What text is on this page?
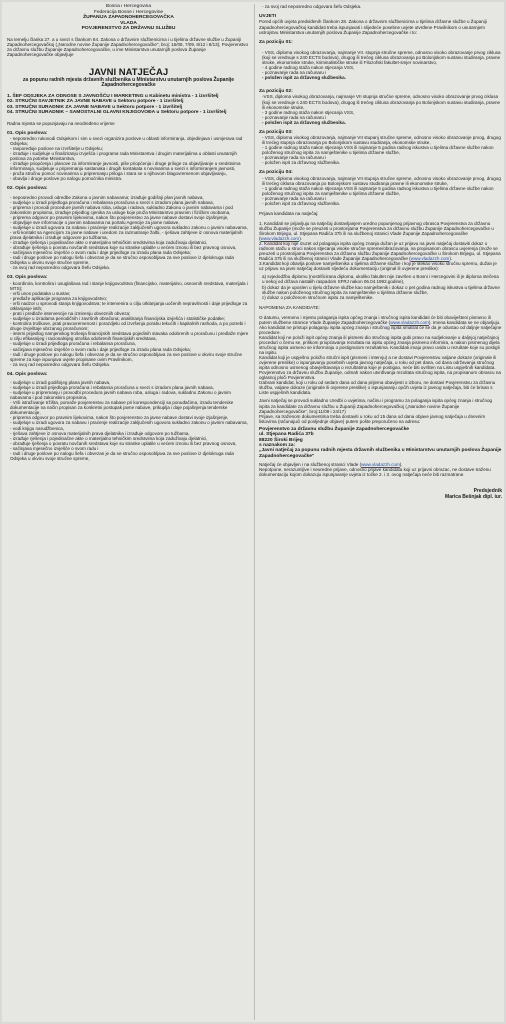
Bosna i Hercegovina
Federacija Bosne i Hercegovine
ŽUPANIJA ZAPADNOHERCEGOVAČKA
VLADA
POVJERENSTVO ZA DRŽAVNU SLUŽBU

Na temelju članka 27. a u svezi s člankom 84. Zakona o državnim službenicima i u tijelima državne službe u Županiji Zapadnohercegovačkoj („Narodne novine Županije Zapadnohercegovačke", broj: 16/08, 7/09, 8/12 i 8/13), Povjerenstvo za državnu službu Županije Zapadnohercegovačke, u ime Ministarstva unutarnjih poslova Županije Zapadnohercegovačke objavljuje

JAVNI NATJEČAJ
za popunu radnih mjesta državnih službenika u Ministarstvu unutarnjih poslova Županije Zapadnohercegovačke

1. ŠEF ODSJEKA ZA ODNOSE S JAVNOŠĆU I MARKETING u Kabinetu ministra - 1 izvršitelj

02. STRUČNI SAVJETNIK ZA JAVNE NABAVE u Sektoru potpore - 1 izvršitelj

03. STRUČNI SURADNIK ZA JAVNE NABAVE u Sektoru potpore - 1 izvršitelj

04. STRUČNI SURADNIK – SAMOSTALNI GLAVNI KNJIGOVOĐA u Sektoru potpore - 1 izvršitelj

Radna mjesta se popunjavaju na neodređeno vrijeme

01. Opis poslova:

- neposredno rukovodi Odsjekom i sim u svezi organizira poslove u oblasti informiranja, objedinjava i usmjerava rad Odsjeka;

- raspoređuje poslove na izvršitelje u Odsjeku;

- izrađuje i sudjeluje u finaliziranju izvješća i programa rada Ministarstva i drugim materijalima u oblasti unutarnjih poslova za potrebe Ministarstva,

- izrađuje priopćenja i planove za informiranje javnosti, piše priopćenja i druge priloge za objavljivanje u sredstvima informiranja, sudjeluje u pripremanju sastanaka i drugih kontakata s novinarima u svezi s informiranjem javnosti,

- pruža stručnu pomoć novinarima u pripremanju priloga i stara se o njihovom blagovremenom objavljivanju,

- obavlja i druge poslove po nalogu pomoćnika ministra.

02. Opis poslova:

- neposredno provodi odredbe Zakona o javnim nabavama; izrađuje godišnji plan javnih nabava,

- sudjeluje u izradi prijedloga proračuna i rebalansa proračuna u svezi s izradom plana javnih nabava,

- priprema i provodi procedure javnih nabava roba, usluga i radova, sukladno Zakonu o javnim nabavama i pod zakonskim propisima, izrađuje prijedlog cjenika za usluge koje pruža Ministarstvo pravnim i fizičkim osobama,

- priprema odgovor po pravnim lijekovima, nakon što povjerenstvo za javne nabave dostavi svoje izjašnjenje,

- objavljuje sve informacije o javnim nabavama na portalu Agencije za javne nabave,

- sudjeluje u izradi ugovora za nabavu i praćenje realizacije zaključenih ugovora sukladno zakonu o javnim nabavama,

- vrši kontakt sa Agencijom za javne nabave i uredom za razmatranje žalbi, - rješava zahtjeve iz osnova materijalnih prava djelatnika i izrađuje odgovore po tužbama,

- izrađuje rješenja i pojedinačne akte o materijalno tehničkim sredstvima koja zaduživaju djelatnici,

- obrađuje rješenja o povratu novčanih sredstava koje su stranke uplatile u većem iznosu ili bez pravnog osnova,

- sačinjava mjesečno izvješće o svom radu i daje prijedloge za izradu plana rada Odsjeka;

- radi i druge poslove po nalogu šefa i obvezan je da se stručno osposobljava za sve poslove iz djelokruga rada Odsjeka u okviru svoje stručne spreme,

- za svoj rad neposredno odgovara Šefu Odsjeka.

03. Opis poslova:

- koordinira, kontrolira i usuglašava rad i stanje knjigovodstva (financijsko, materijalno, osnovnih sredstava, materijala i MTS);

- vrši unos podataka u sustav;

- predlaže aplikacije programa za knjigovodstvo;

- vrši nadzor u sprovodi stanja knjigovodstva; te intervenira u cilju otklanjanja uočenih nepravilnosti i daje prijedloge za otklanjanje istih;

- prati i predlaže intervencije na izmirenju obvezniih obveza;

- sudjeluje u izradama periodičnih i završnih obračuna; analitiranja financijska izvješća i statističke podatke;

- kontrolira troškove, prati pravovremenost i porazdjelu od izvršenja porabu tekućih i kapitalnih rashoda, a po potrebi i druge izvještaje ubrzanog proračunom;

- interni prijedlog namjenskog trošenja financijskih sredstava pojedinih stavaka odobrenih u proračunu i predlaže mjere u cilju efikasnijeg i racionalnijeg utroška odobrenih financijskih sredstava,

- sudjeluje u izradi prijedloga proračuna i rebalansa proračuna,

- sačinjava mjesečno izvješće o svom radu i daje prijedloge za izradu plana rada Odsjeka;

- radi i druge poslove po nalogu šefa i obvezan je da se stručno osposobljava za sve poslove u okviru svoje stručne spreme za koje ispunjava uvjete propisane ovim Pravilnikom,

- za svoj rad neposredno odgovara Šefu Odsjeka.

04. Opis poslova:

- sudjeluje u izradi godišnjeg plana javnih nabava,

- sudjeluje u izradi prijedloga proračuna i rebalansa proračuna u svezi s izradom plana javnih nabava,

- sudjeluje u pripremanju i provodbi procedura javnih nabava roba, usluga i radova, sukladno Zakonu o javnim nabavama i pod zakonskim propisima,

- Vrši istraživanje tržišta, pomaže povjerenstvu za nabave pri korespondenciji sa ponuđačima, izradu tenderske dokumentacije na način propisan za konkretni postupak javne nabave, prikuplja i daje pojašnjenja tenderske dokumentacije,

- priprema odgovor po pravnim lijekovima, nakon što povjerenstvo za javne nabave dostavi svoje izjašnjenje,

- sudjeluje u izradi ugovora za nabavu i praćenje realizacije zaključenih ugovora sukladno zakonu o javnim nabavama,

- vodi knjigu narudžbenica,

- rješava zahtjeve iz osnova materijalnih prava djelatnika i izrađuje odgovore po tužbama,

- izrađuje rješenja i pojedinačne akte o materijalno tehničkim sredstvima koja zaduživaju djelatnici,

- obrađuje rješenja o povratu novčanih sredstava koje su stranke uplatile u većem iznosu ili bez pravnog osnova,

- sačinjava mjesečno izvješće o svom radu i

- radi i druge poslove po nalogu šefa i obvezan je da se stručno osposobljava za sve poslove iz djelokruga rada Odsjeka u okviru svoje stručne spreme,

- za svoj rad neposredno odgovara šefu Odsjeka.

UVJETI

Pored općih uvjeta predviđenih člankom 28. Zakona o državnim službenicima u tijelima državne službe u Županiji Zapadnohercegovačkoj kandidati treba ispunjavati i slijedeće posebne uvjete utvrđene Pravilnikom o unutarnjem ustrojstvu Ministarstva unutarnjih poslova Županije Zapadnohercegovačke i to:

Za poziciju 01:

- VSS, diploma visokog obrazovanja, najmanje VII. stupnja stručne spreme, odnosno visoko obrazovanje prvog ciklusa (koji se vrednuje s 240 ECTS bodova), drugog ili trećeg ciklusa obrazovanja po Bolonjskom sustavu studiranja, pravne struke, ekonomske struke, kriminalističke struke ili Filozofski fakultet-smjer novinarstvo,

- 4 godine radnog staža nakon stjecanja VSS,

- poznavanje rada na računaru i

- položen ispit za državnog službenika.

Za poziciju 02:

-VSS, diploma visokog obrazovanja, najmanje VII stupnja stručne spreme, odnosno visoko obrazovanje prvog ciklusa (koji se vrednuje s 240 ECTS bodova), drugog ili trećeg ciklusa obrazovanja po Bolonjskom sustavu studiranja, pravne ili ekonomske struke,

- 3 godine radnog staža nakon stjecanja VSS,

- poznavanje rada na računaru i

- položen ispit za državnog službenika.

Za poziciju 03:

- VSS, diploma visokog obrazovanja, najmanje VII stupanj stručne spreme, odnosno visoko obrazovanje prvog, drugog ili trećeg stupnja obrazovanja po Bolonjskom sustavu studiranja, ekonomske struke,

- 1 godine radnog staža nakon stjecanja VSS ili najmanje 5 godina radnog iskustva u tijelima državne službe nakon položenog stručnog ispita za namještenike u tijelima državne službe,

- poznavanje rada na računaru i

- položen ispit za državnog službenika.

Za poziciju 04:

- VSS, diploma visokog obrazovanja, najmanje VII stupnja stručne spreme, odnosno visoko obrazovanje prvog, drugog ili trećeg ciklusa obrazovanja po Bolonjskom sustavu studiranja pravne ili ekonomske struke,

- 1 godina radnog staža nakon stjecanja VSS ili najmanje 5 godina radnog iskustva u tijelima državne službe nakon položenog stručnog ispita za namještenike u tijelima državne službe,

- poznavanje rada na računaru i

- položen ispit za državnog službenika.

Prijava kandidata na natječaj:

1. Kandidati se prijavljuju na natječaj dostavljanjem uredno popunjenog prijavnog obrasca Povjerenstva za državnu službu Županije (može se preuzeti u prostorijama Povjerenstva za državnu službu Županije Zapadnohercegovačke u Širokom Brijegu, ul. Stjepana Radića 37b ili na službenoj stranici Vlade Županije Zapadnohercegovačke (www.vladazzh.com).

2. Kandidat koji nije izuzet od polaganja ispita općeg znanja dužan je uz prijavu na javni natječaj dostaviti dokaz o radnom stažu u struci nakon stjecanja visoke stručne spreme/obrazovanja, na propisanom obrascu uvjerenja (može se preuzeti u prostorijama Povjerenstva za državnu službu Županije Zapadnohercegovačke u Širokom Brijegu, ul. Stjepana Radića 37b ili na službenoj stranici Vlade Županije Zapadnohercegovačke (www.vladazzh.com).

3.Kandidat koji obavlja poslove namještenika u tijelima državne službe i koji je stekao visoku stručnu spremu, dužan je uz prijavu na javni natječaj dostaviti sljedeću dokumentaciju (original ili ovjerene preslike):

a) svjedodžbu diplomu (nostrificirana diploma, ukoliko fakultet nije završen u Bosni i Hercegovini ili je diploma stečena u nekoj od država nastalih raspadom SFRJ nakon 06.04.1992.godine),

b) dokaz da je uposlen u tijelu državne službe kao namještenik i dokaz o pet godina radnog iskustva u tijelima državne službe nakon položenog stručnog ispita za namještenike u tijelima državne službe,

c) dokaz o položenom stručnom ispitu za namještenike.

NAPOMENA ZA KANDIDATE:

O datumu, vremenu i mjestu polaganja ispita općeg znanja i stručnog ispita kandidati će biti obaviješteni pismeno ili putem službene stranice Vlade Županije Zapadnohercegovačke (www.vladazzh.com). Imena kandidata se ne objavljuju.

Ako kandidat ne pristupi polaganju ispita općeg znanja i stručnog ispita smatrat će se da je odustao od daljnje natječajne procedure.

Kandidat koji ne položi ispit općeg znanja ili pismeni dio stručnog ispita gubi pravo na sudjelovanje u daljnjoj natječajnoj proceduri o čemu se, prilikom priopćavanja rezultata na ispitu općeg znanja pismeno informira, a nakon pismenog dijela stručnog ispita usmeno se informiraju o postignutom rezultatima. Kandidati imaju pravo uvida u rezultate koje su postigli na ispitu.

Kandidat koji je uspješno položio stručni ispit (pismeni i intervju) a ne dostavi Povjerenstvu valjane dokaze (originale ili ovjerene preslike) o ispunjavanju posebnih uvjeta javnog natječaja, u roku od pet dana, od dana održavanja stručnog ispita odnosno usmenog obavještavanja o rezultatima koje je postigao, neće biti uvršten na Listu uspješnih kandidata.

Povjerenstvo za državnu službu Županije, odmah nakon utvrđivanja rezultata stručnog ispita, na propisanom obrascu na oglasnoj ploči Povjerenstva.

Izabrani kandidat, koji u roku od sedam dana od dana prijema obavijesti o izboru, ne dostavi Povjerenstvu za državnu službu, valjane dokaze (originale ili ovjerene preslike) o ispunjavanju općih uvjeta iz javnog natječaja, biti će brisan s Liste uspješnih kandidata.

Javni natječaj se provodi sukladno Uredbi o uvjetima, načinu i programu za polaganja ispita općeg znanja i stručnog ispita za kandidate za državnu službu u Županiji Zapadnohercegovačkoj („Narodne novine Županije Zapadnohercegovačke", broj:11/09 i 24/17)

Prijave, sa traženom dokumentima treba dostaviti u roku od 15 dana od dana objave javnog natječaja u dnevnim listovima (računajući od posljednje objave) putem pošte preporučeno na adresu:

Povjerenstvo za državnu službu Županije Zapadnohercegovačke

ul. Stjepana Radića 37b

88220 Široki Brijeg

s naznakom za:

„Javni natječaj za popunu radnih mjesta državnih službenika u Ministarstvu unutarnjih poslova Županije Zapadnohercegovačke"

Natječaj će objavljen i na službenoj stranici Vlade (www.vladazzh.com).

Nepotpune, nerazumljive i neuredne prijave, odnosno prijave kandidata koji uz prijavni obrazac, ne dostave traženu dokumentaciju kojom dokazuju ispunjavanje uvjeta iz točke 2. i 3. ovog natječaja neće biti razmatrane.

Predsjednik
Marica Bešnjak dipl. iur.
